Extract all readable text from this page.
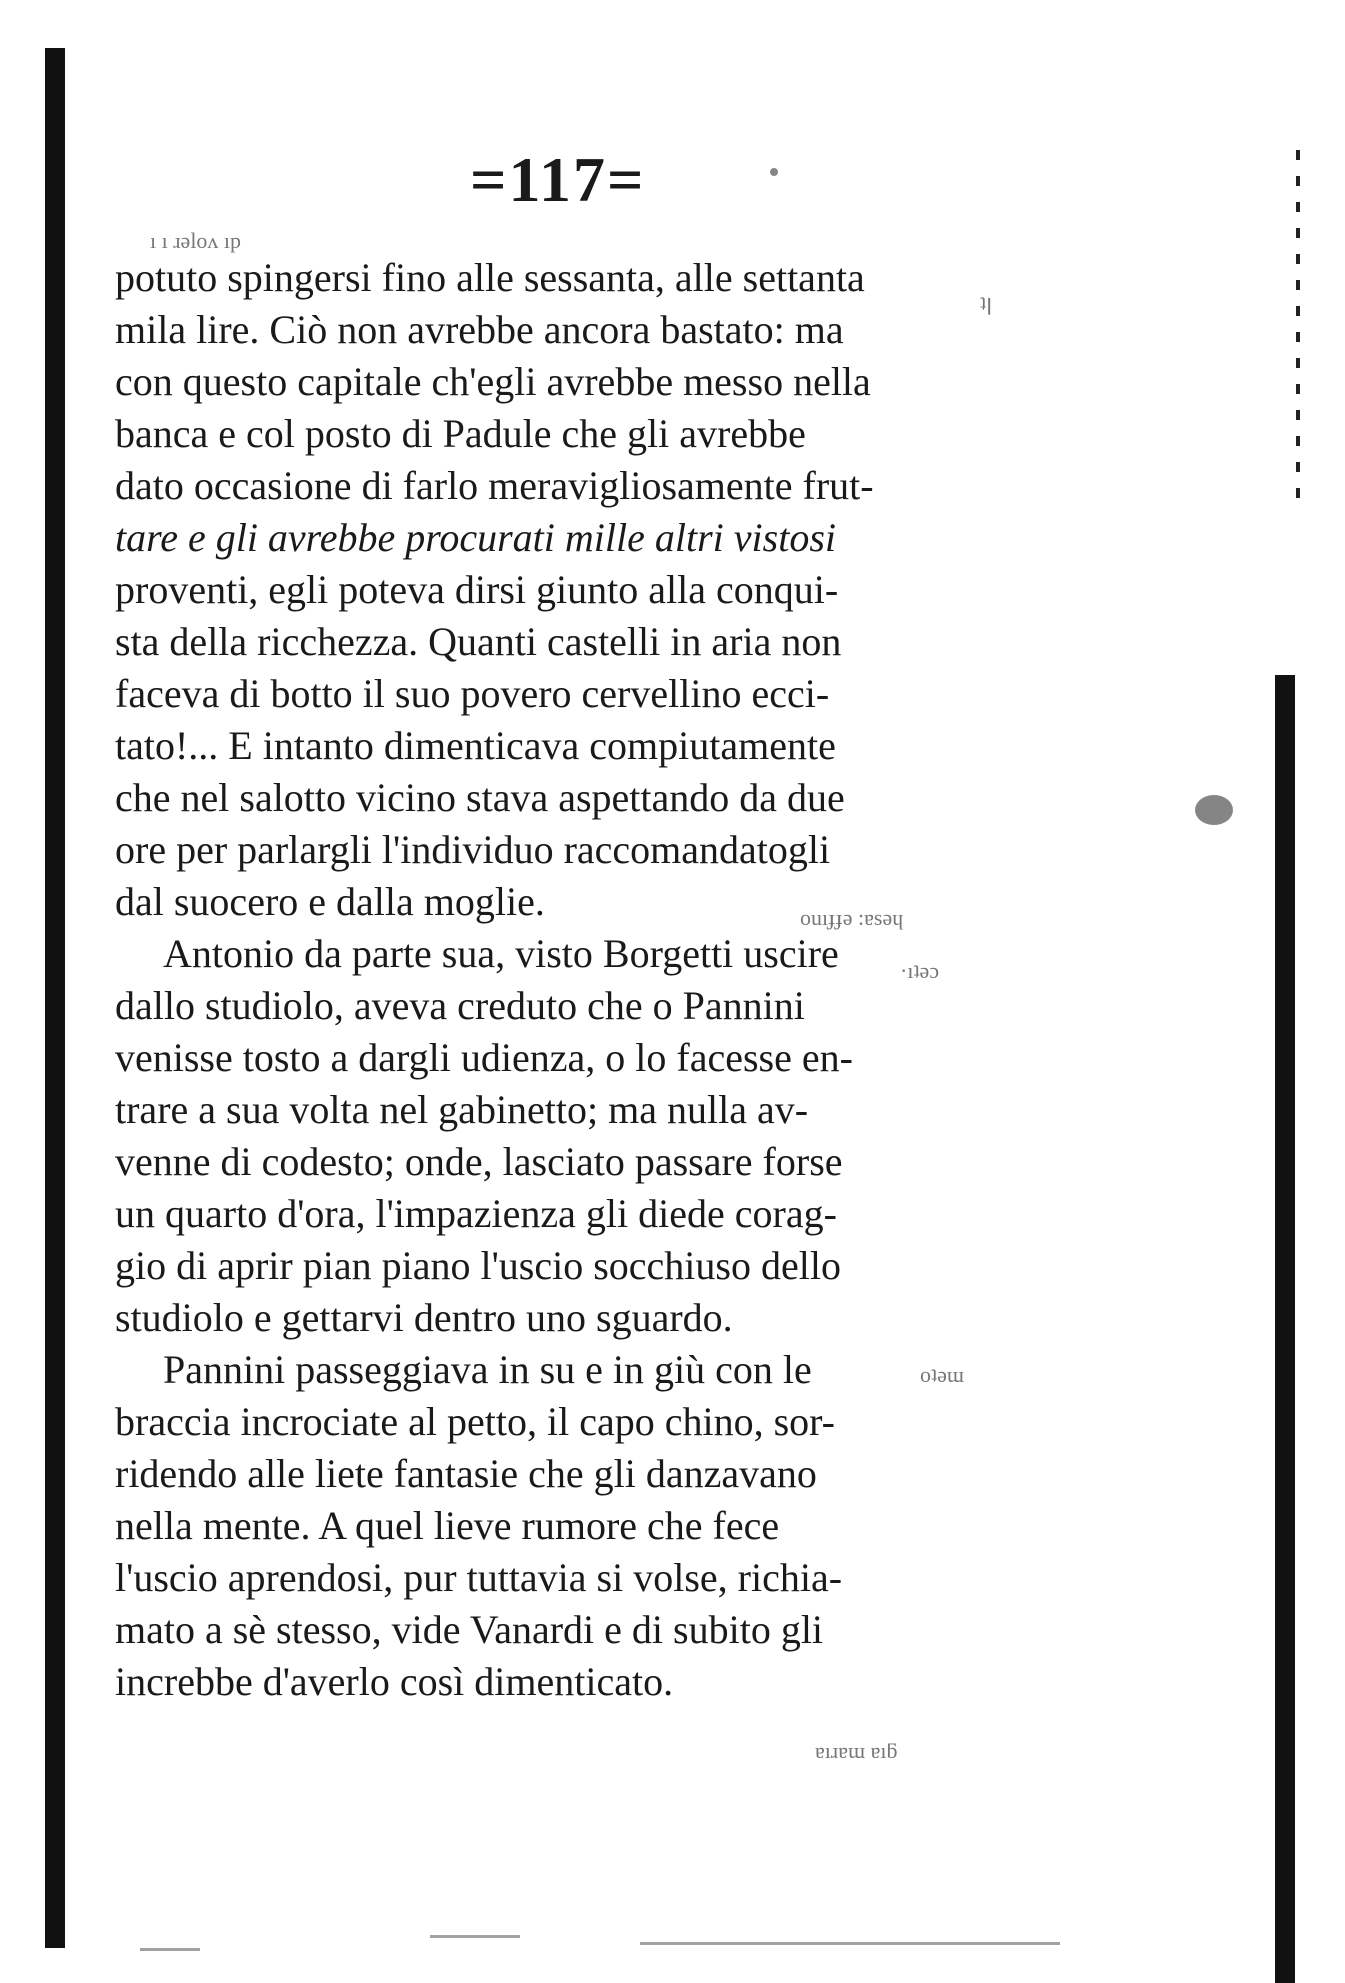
=117=
potuto spingersi fino alle sessanta, alle settanta
mila lire. Ciò non avrebbe ancora bastato: ma
con questo capitale ch'egli avrebbe messo nella
banca e col posto di Padule che gli avrebbe
dato occasione di farlo meravigliosamente frut-
tare e gli avrebbe procurati mille altri vistosi
proventi, egli poteva dirsi giunto alla conqui-
sta della ricchezza. Quanti castelli in aria non
faceva di botto il suo povero cervellino ecci-
tato!... E intanto dimenticava compiutamente
che nel salotto vicino stava aspettando da due
ore per parlargli l'individuo raccomandatogli
dal suocero e dalla moglie.
Antonio da parte sua, visto Borgetti uscire
dallo studiolo, aveva creduto che o Pannini
venisse tosto a dargli udienza, o lo facesse en-
trare a sua volta nel gabinetto; ma nulla av-
venne di codesto; onde, lasciato passare forse
un quarto d'ora, l'impazienza gli diede corag-
gio di aprir pian piano l'uscio socchiuso dello
studiolo e gettarvi dentro uno sguardo.
Pannini passeggiava in su e in giù con le
braccia incrociate al petto, il capo chino, sor-
ridendo alle liete fantasie che gli danzavano
nella mente. A quel lieve rumore che fece
l'uscio aprendosi, pur tuttavia si volse, richia-
mato a sè stesso, vide Vanardi e di subito gli
increbbe d'averlo così dimenticato.
ı ı ɹəloʌ ıp
ʇꞁ
ouıɟɟə :ɐsəɥ
·ıʇəɔ
oʇəɯ
ɐıɹɐɯ ɐıƃ
